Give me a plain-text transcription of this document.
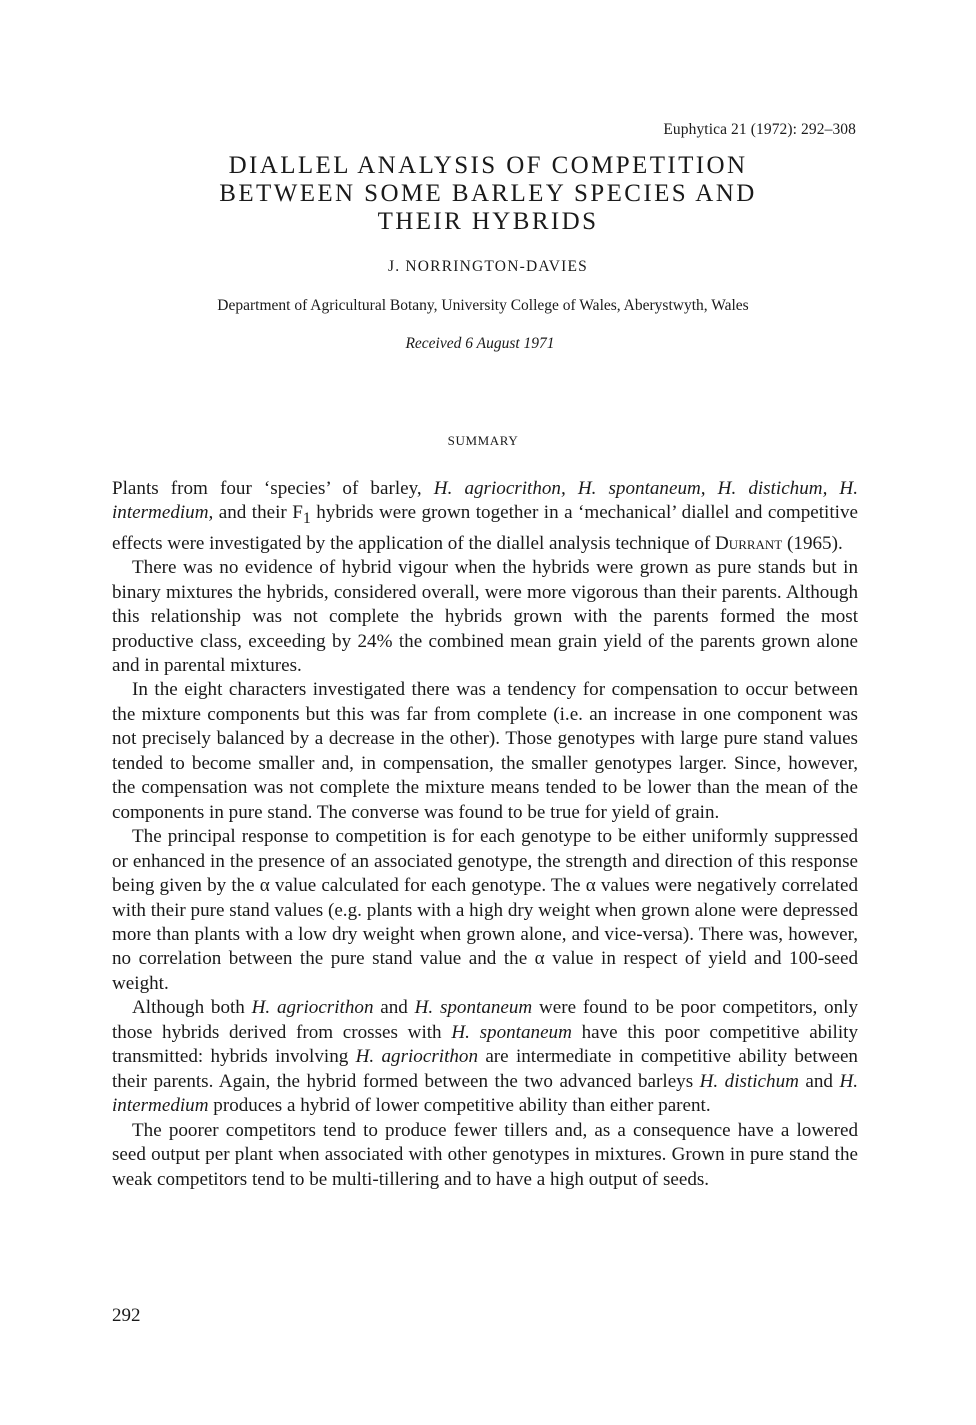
Euphytica 21 (1972): 292–308
DIALLEL ANALYSIS OF COMPETITION
BETWEEN SOME BARLEY SPECIES AND
THEIR HYBRIDS
J. NORRINGTON-DAVIES
Department of Agricultural Botany, University College of Wales, Aberystwyth, Wales
Received 6 August 1971
SUMMARY

Plants from four ‘species’ of barley, H. agriocrithon, H. spontaneum, H. distichum, H. intermedium, and their $F_1$ hybrids were grown together in a ‘mechanical’ diallel and competitive effects were investigated by the application of the diallel analysis technique of Durrant (1965).

There was no evidence of hybrid vigour when the hybrids were grown as pure stands but in binary mixtures the hybrids, considered overall, were more vigorous than their parents. Although this relationship was not complete the hybrids grown with the parents formed the most productive class, exceeding by 24% the combined mean grain yield of the parents grown alone and in parental mixtures.

In the eight characters investigated there was a tendency for compensation to occur between the mixture components but this was far from complete (i.e. an increase in one component was not precisely balanced by a decrease in the other). Those genotypes with large pure stand values tended to become smaller and, in compensation, the smaller genotypes larger. Since, however, the compensation was not complete the mixture means tended to be lower than the mean of the components in pure stand. The converse was found to be true for yield of grain.

The principal response to competition is for each genotype to be either uniformly suppressed or enhanced in the presence of an associated genotype, the strength and direction of this response being given by the α value calculated for each genotype. The α values were negatively correlated with their pure stand values (e.g. plants with a high dry weight when grown alone were depressed more than plants with a low dry weight when grown alone, and vice-versa). There was, however, no correlation between the pure stand value and the α value in respect of yield and 100-seed weight.

Although both H. agriocrithon and H. spontaneum were found to be poor competitors, only those hybrids derived from crosses with H. spontaneum have this poor competitive ability transmitted: hybrids involving H. agriocrithon are intermediate in competitive ability between their parents. Again, the hybrid formed between the two advanced barleys H. distichum and H. intermedium produces a hybrid of lower competitive ability than either parent.

The poorer competitors tend to produce fewer tillers and, as a consequence have a lowered seed output per plant when associated with other genotypes in mixtures. Grown in pure stand the weak competitors tend to be multi-tillering and to have a high output of seeds.

292
